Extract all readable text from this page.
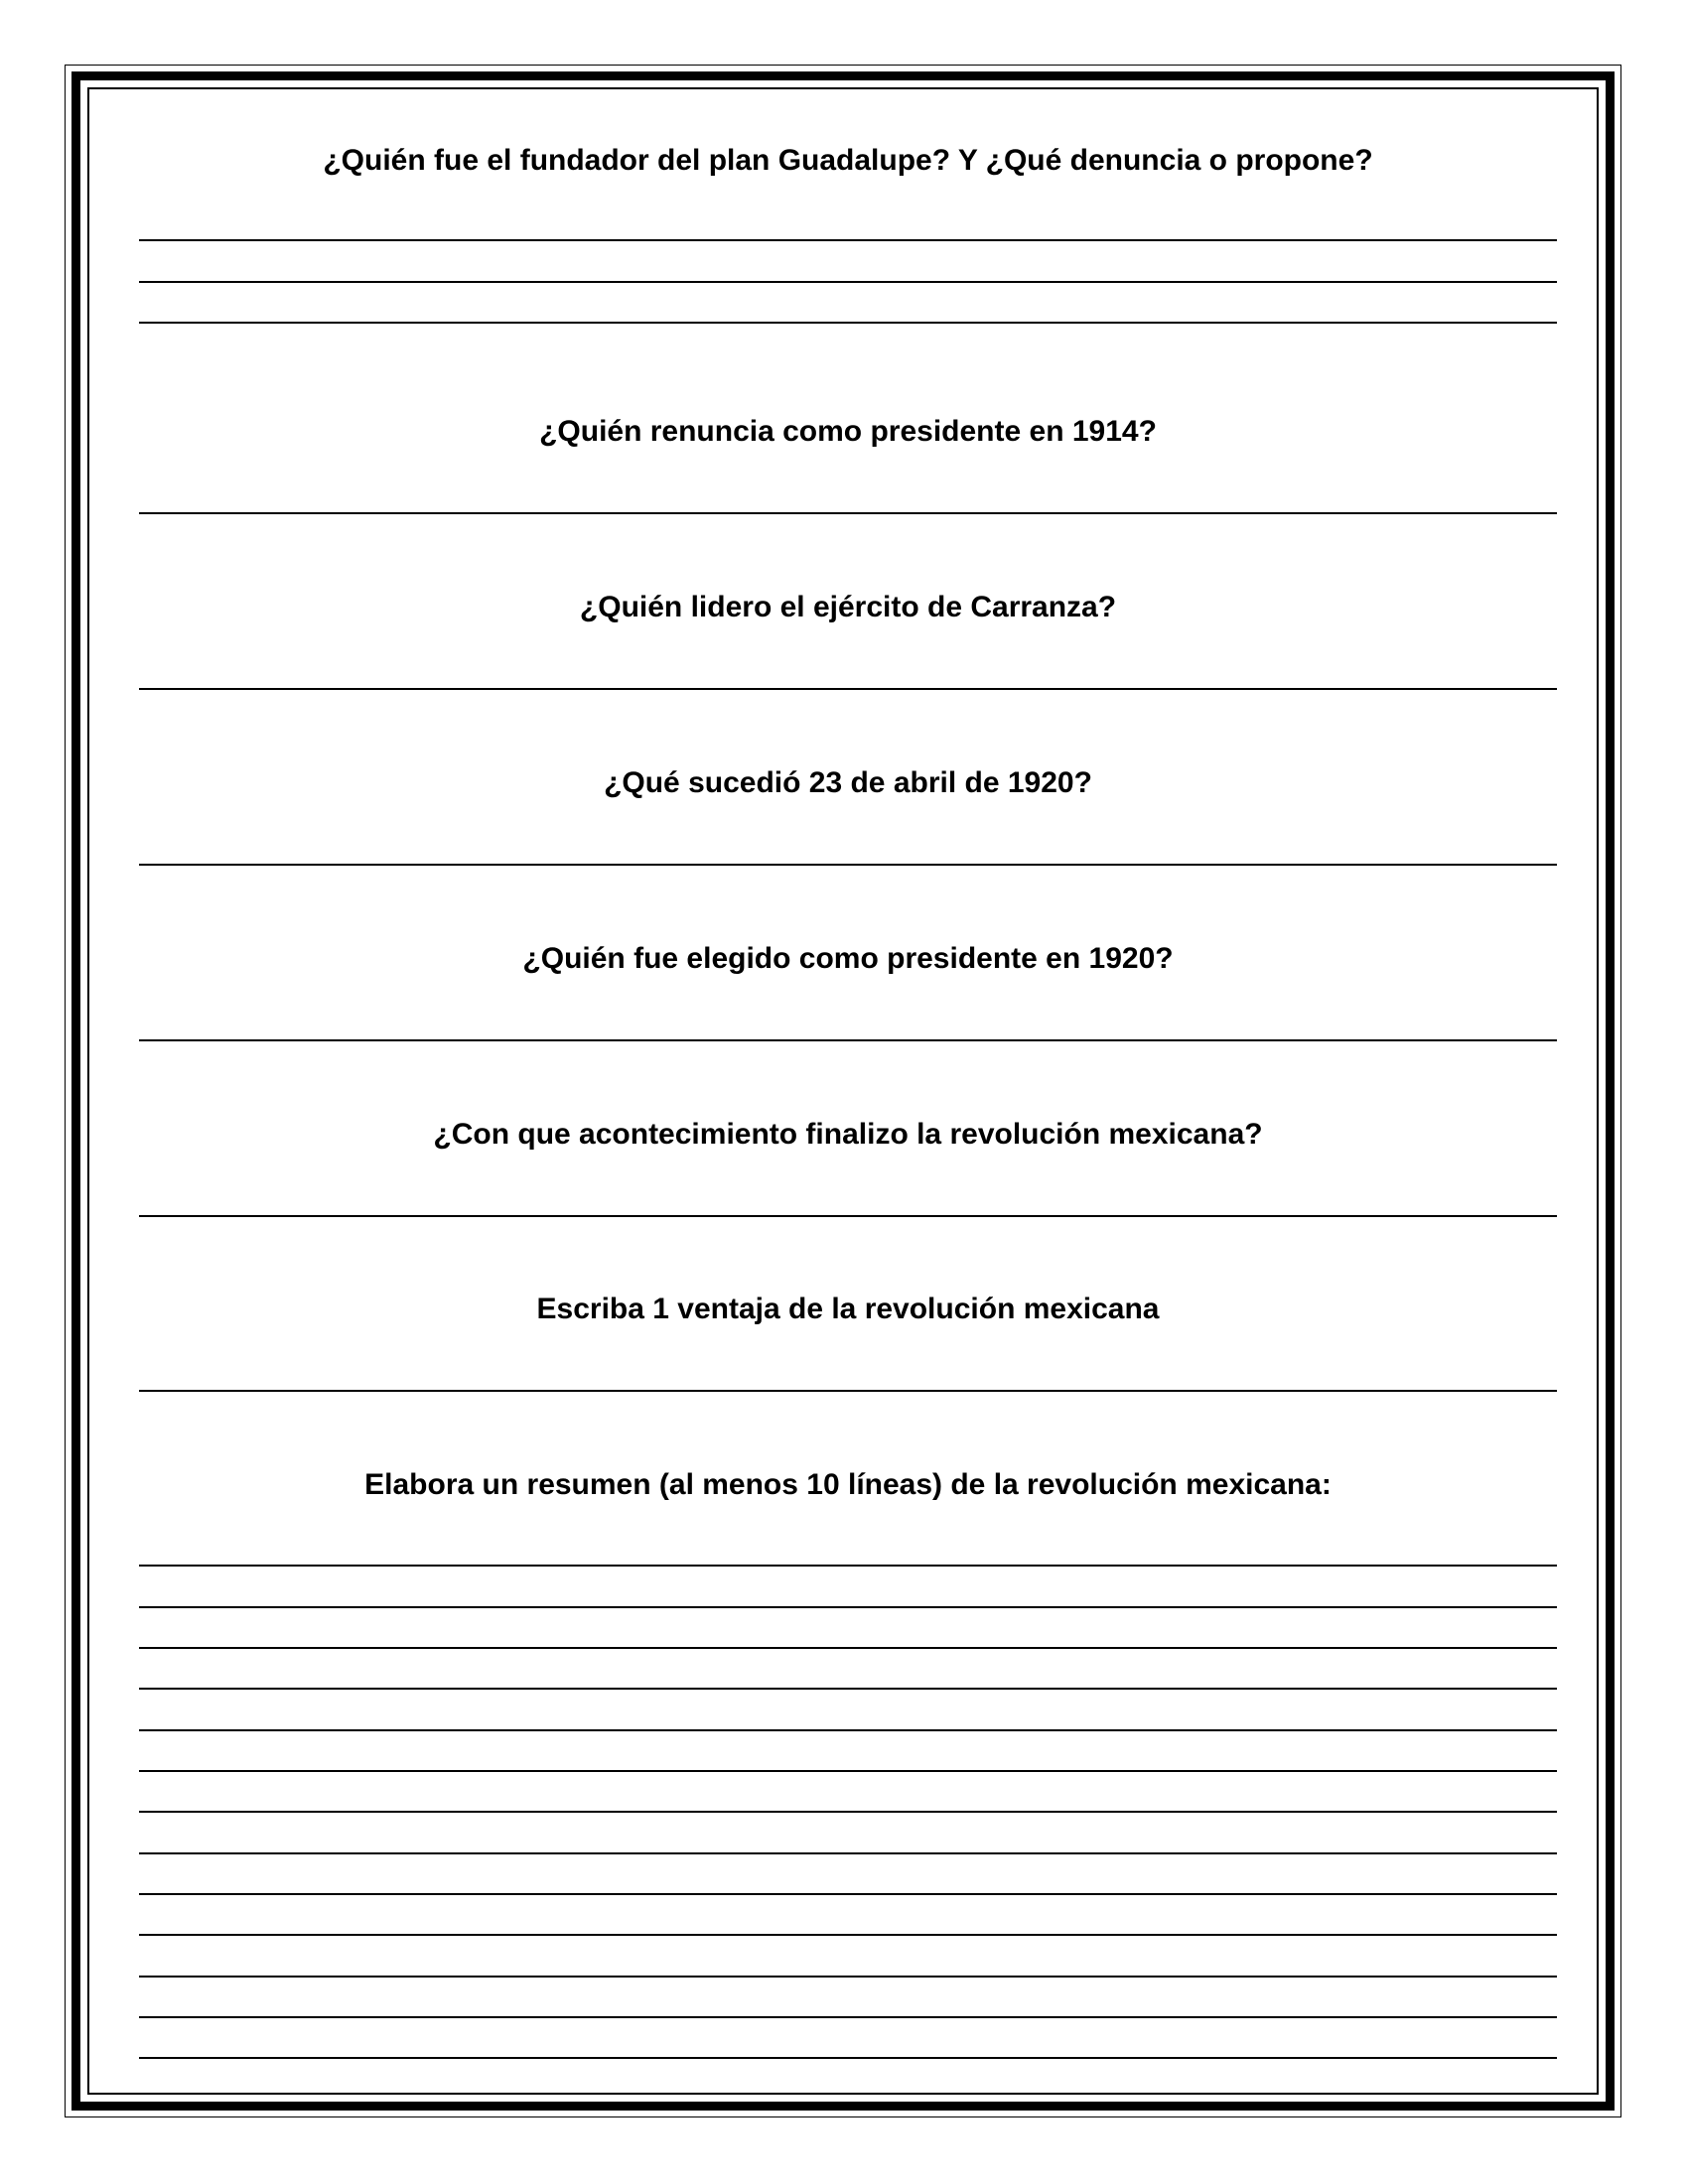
¿Quién fue el fundador del plan Guadalupe? Y ¿Qué denuncia o propone?

¿Quién renuncia como presidente en 1914?

¿Quién lidero el ejército de Carranza?

¿Qué sucedió 23 de abril de 1920?

¿Quién fue elegido como presidente en 1920?

¿Con que acontecimiento finalizo la revolución mexicana?

Escriba 1 ventaja de la revolución mexicana

Elabora un resumen (al menos 10 líneas) de la revolución mexicana:
